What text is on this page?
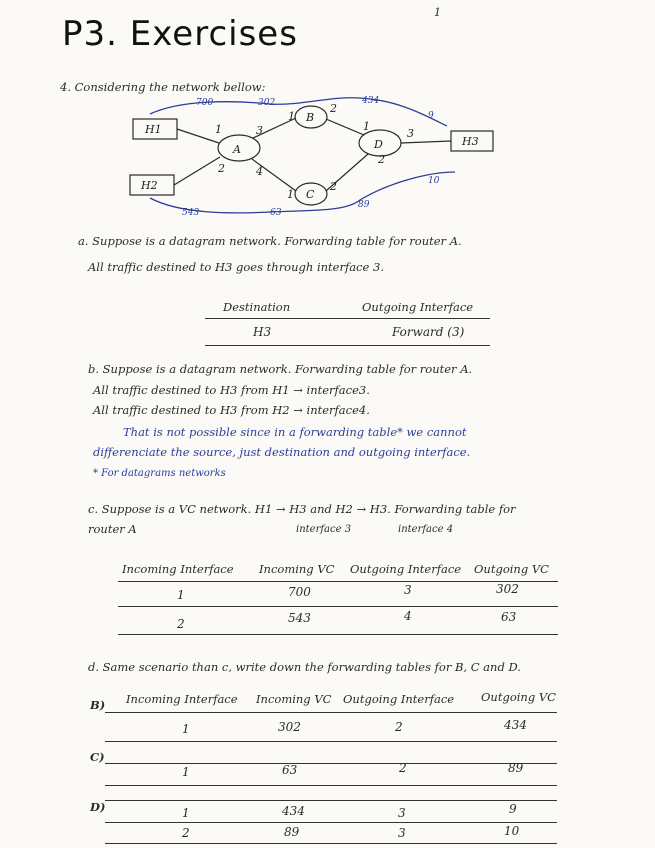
P3. Exercises
1
4. Considering the network bellow:
A
B
C
D
H1
H2
H3
1
2
3
4
1
2
1
2
1
2
3
700	302	434
9
543	63
89
10
a. Suppose is a datagram network. Forwarding table for router A.
All traffic destined to H3 goes through interface 3.
Destination	Outgoing Interface
H3	Forward (3)
b. Suppose is a datagram network. Forwarding table for router A.
All traffic destined to H3 from H1 → interface3.
All traffic destined to H3 from H2 → interface4.
That is not possible since in a forwarding table* we cannot
differenciate the source, just destination and outgoing interface.
* For datagrams networks
c. Suppose is a VC network. H1 → H3 and H2 → H3. Forwarding table for
router A	interface 3	interface 4
Incoming Interface Incoming VC Outgoing Interface Outgoing VC
1	700	3	302
2	543	4	63
d. Same scenario than c, write down the forwarding tables for B, C and D.
Incoming Interface Incoming VC Outgoing Interface Outgoing VC
B)
1	302	2	434
C)
1	63	2	89
D)	1	434	3	9
2	89	3	10
